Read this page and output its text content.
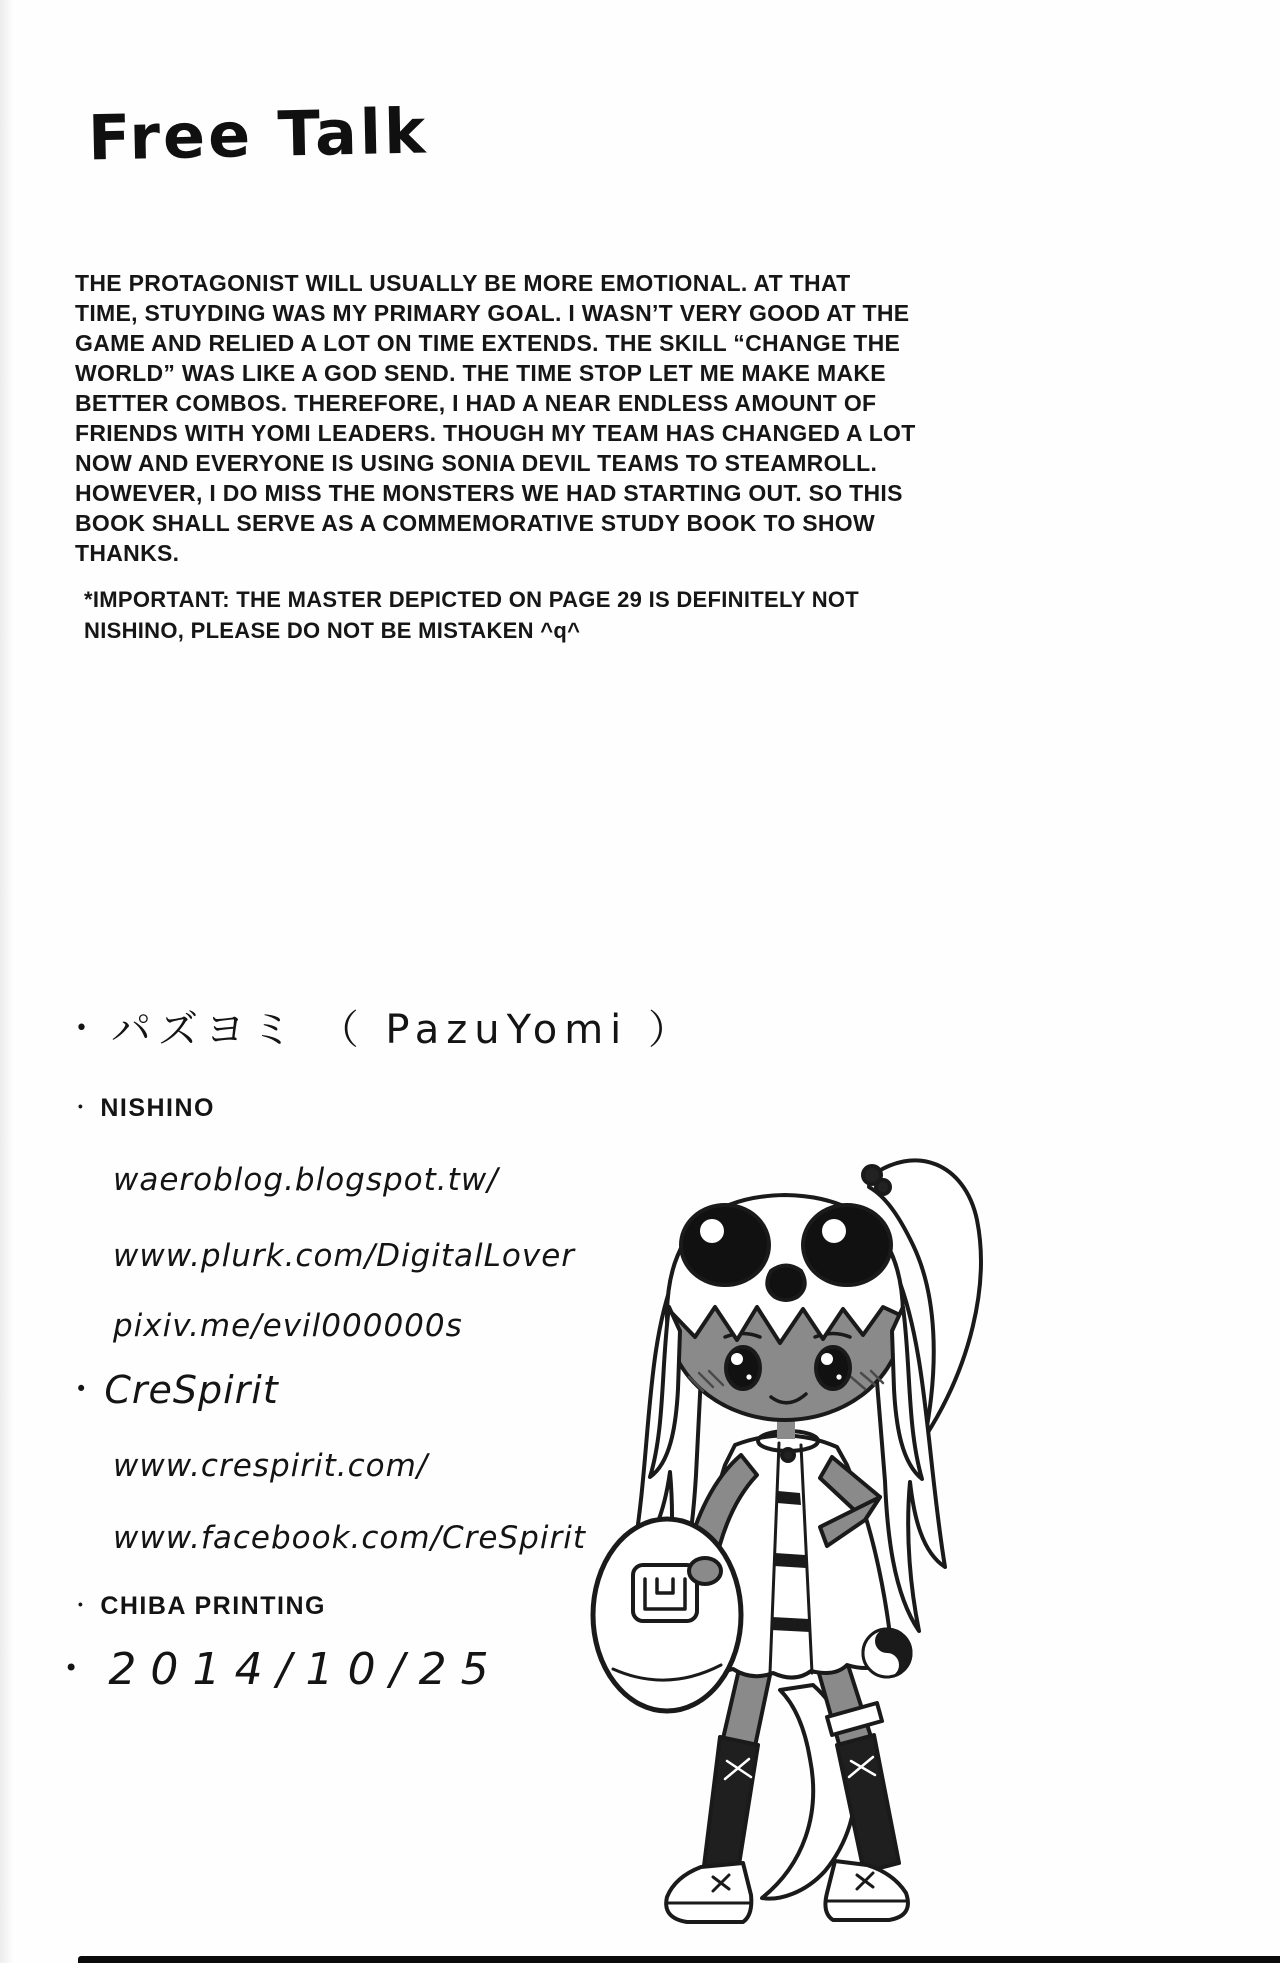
Free Talk
THE PROTAGONIST WILL USUALLY BE MORE EMOTIONAL. AT THAT
TIME, STUYDING WAS MY PRIMARY GOAL. I WASN’T VERY GOOD AT THE
GAME AND RELIED A LOT ON TIME EXTENDS. THE SKILL “CHANGE THE
WORLD” WAS LIKE A GOD SEND. THE TIME STOP LET ME MAKE MAKE
BETTER COMBOS. THEREFORE, I HAD A NEAR ENDLESS AMOUNT OF
FRIENDS WITH YOMI LEADERS. THOUGH MY TEAM HAS CHANGED A LOT
NOW AND EVERYONE IS USING SONIA DEVIL TEAMS TO STEAMROLL.
HOWEVER, I DO MISS THE MONSTERS WE HAD STARTING OUT. SO THIS
BOOK SHALL SERVE AS A COMMEMORATIVE STUDY BOOK TO SHOW THANKS.
*IMPORTANT: THE MASTER DEPICTED ON PAGE 29 IS DEFINITELY NOT
NISHINO, PLEASE DO NOT BE MISTAKEN ^q^
• パズヨミ （ PazuYomi ）
• NISHINO
waeroblog.blogspot.tw/
www.plurk.com/DigitalLover
pixiv.me/evil000000s
• CreSpirit
www.crespirit.com/
www.facebook.com/CreSpirit
• CHIBA PRINTING
• 2014/10/25
